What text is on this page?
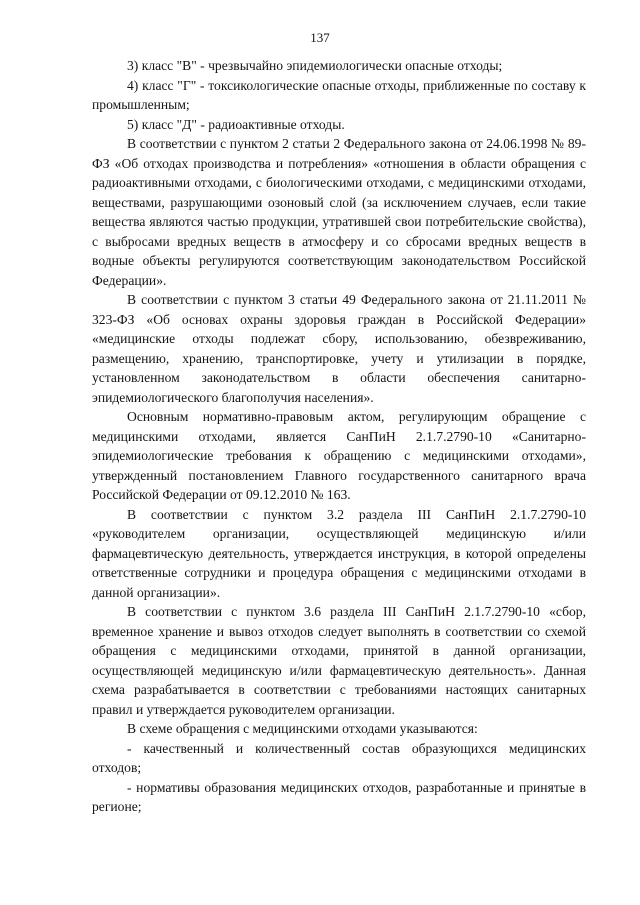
137

3) класс "В" - чрезвычайно эпидемиологически опасные отходы;

4) класс "Г" - токсикологические опасные отходы, приближенные по составу к промышленным;

5) класс "Д" - радиоактивные отходы.

В соответствии с пунктом 2 статьи 2 Федерального закона от 24.06.1998 № 89-ФЗ «Об отходах производства и потребления» «отношения в области обращения с радиоактивными отходами, с биологическими отходами, с медицинскими отходами, веществами, разрушающими озоновый слой (за исключением случаев, если такие вещества являются частью продукции, утратившей свои потребительские свойства), с выбросами вредных веществ в атмосферу и со сбросами вредных веществ в водные объекты регулируются соответствующим законодательством Российской Федерации».

В соответствии с пунктом 3 статьи 49 Федерального закона от 21.11.2011 № 323-ФЗ «Об основах охраны здоровья граждан в Российской Федерации» «медицинские отходы подлежат сбору, использованию, обезвреживанию, размещению, хранению, транспортировке, учету и утилизации в порядке, установленном законодательством в области обеспечения санитарно-эпидемиологического благополучия населения».

Основным нормативно-правовым актом, регулирующим обращение с медицинскими отходами, является СанПиН 2.1.7.2790-10 «Санитарно-эпидемиологические требования к обращению с медицинскими отходами», утвержденный постановлением Главного государственного санитарного врача Российской Федерации от 09.12.2010 № 163.

В соответствии с пунктом 3.2 раздела III СанПиН 2.1.7.2790-10 «руководителем организации, осуществляющей медицинскую и/или фармацевтическую деятельность, утверждается инструкция, в которой определены ответственные сотрудники и процедура обращения с медицинскими отходами в данной организации».

В соответствии с пунктом 3.6 раздела III СанПиН 2.1.7.2790-10 «сбор, временное хранение и вывоз отходов следует выполнять в соответствии со схемой обращения с медицинскими отходами, принятой в данной организации, осуществляющей медицинскую и/или фармацевтическую деятельность». Данная схема разрабатывается в соответствии с требованиями настоящих санитарных правил и утверждается руководителем организации.

В схеме обращения с медицинскими отходами указываются:

- качественный и количественный состав образующихся медицинских отходов;

- нормативы образования медицинских отходов, разработанные и принятые в регионе;
